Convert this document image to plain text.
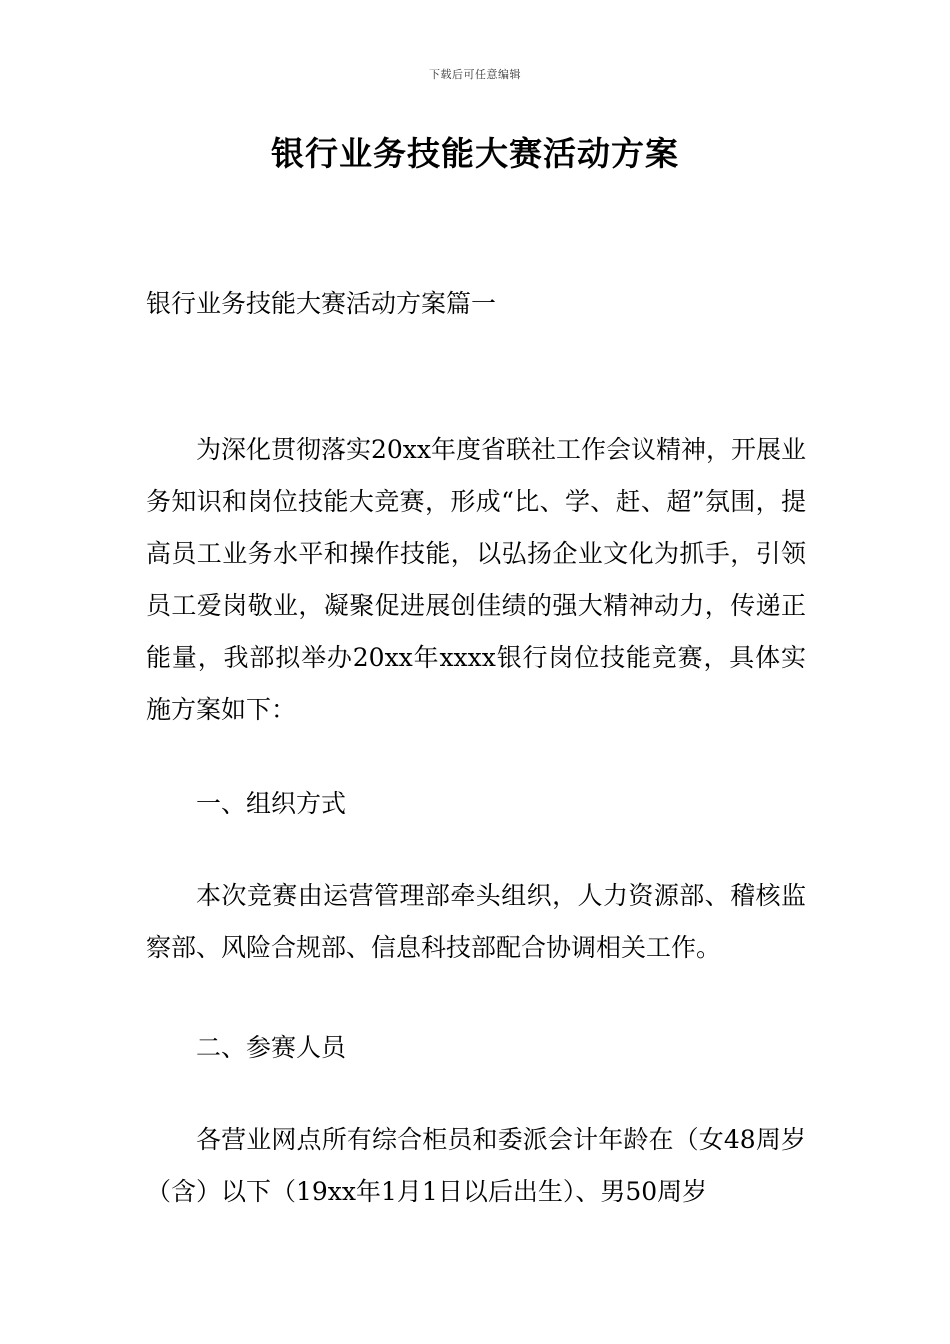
下载后可任意编辑
银行业务技能大赛活动方案
银行业务技能大赛活动方案篇一
为深化贯彻落实20xx年度省联社工作会议精神，开展业务知识和岗位技能大竞赛，形成“比、学、赶、超”氛围，提高员工业务水平和操作技能，以弘扬企业文化为抓手，引领员工爱岗敬业，凝聚促进展创佳绩的强大精神动力，传递正能量，我部拟举办20xx年xxxx银行岗位技能竞赛，具体实施方案如下：
一、组织方式
本次竞赛由运营管理部牵头组织，人力资源部、稽核监察部、风险合规部、信息科技部配合协调相关工作。
二、参赛人员
各营业网点所有综合柜员和委派会计年龄在（女48周岁（含）以下（19xx年1月1日以后出生）、男50周岁
